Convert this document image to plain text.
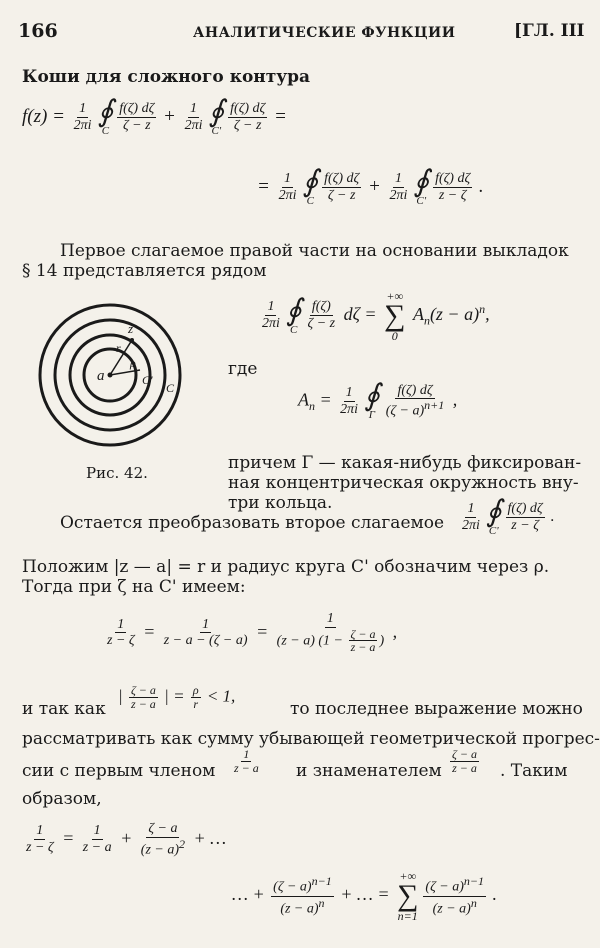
166	АНАЛИТИЧЕСКИЕ ФУНКЦИИ	[ГЛ. III
Коши для сложного контура
$f(z) = \frac{1}{2\pi i}$ ∮
C $\frac{f(\zeta) d\zeta}{\zeta - z} + \frac{1}{2\pi i}$ ∮
$C' \frac{f(\zeta) d\zeta}{\zeta - z}$ =
= $\frac{1}{2\pi i}$ ∮
C $\frac{f(\zeta) d\zeta}{\zeta - z} + \frac{1}{2\pi i}$ ∮
$C' \frac{f(\zeta) d\zeta}{z - \zeta}$ .
Первое слагаемое правой части на основании выкладок
§ 14 представляется рядом
a
z
r
ρ
C'
C
Рис. 42.
$\frac{1}{2\pi i}$ ∮
C $\frac{f(\zeta)}{\zeta - z}$ dζ =
+∞
∑
0
$A_n(z - a)^n$,
где
$A_n = \frac{1}{2\pi i}$ ∮
Γ $\frac{f(\zeta) d\zeta}{(\zeta - a)^{n+1}}$ ,
причем Γ — какая-нибудь фиксирован-
ная концентрическая окружность вну-
три кольца.
Остается преобразовать второе слагаемое $\frac{1}{2\pi i}$ ∮
$C' \frac{f(\zeta) d\zeta}{z - \zeta}$ .
Положим |z — a| = r и радиус круга C' обозначим через ρ.
Тогда при ζ на C' имеем:
$\frac{1}{z - \zeta} = \frac{1}{z - a - (\zeta - a)} = \frac{1}{(z - a) (1 - \frac{\zeta - a}{z - a} )}$ ,
и так как
| $\frac{\zeta - a}{z - a}$ | = $\frac{\rho}{r} < 1$,
то последнее выражение можно
рассматривать как сумму убывающей геометрической прогрес-
сии с первым членом $\frac{1}{z - a}$ и знаменателем $\frac{\zeta - a}{z - a}$ . Таким
образом,
$\frac{1}{z - \zeta} = \frac{1}{z - a} + \frac{\zeta - a}{(z - a)^2}$ + …
… + $\frac{(\zeta - a)^{n-1}}{(z - a)^n}$ + … =
+∞
∑
$n=1 \frac{(\zeta - a)^{n-1}}{(z - a)^n}$ .
